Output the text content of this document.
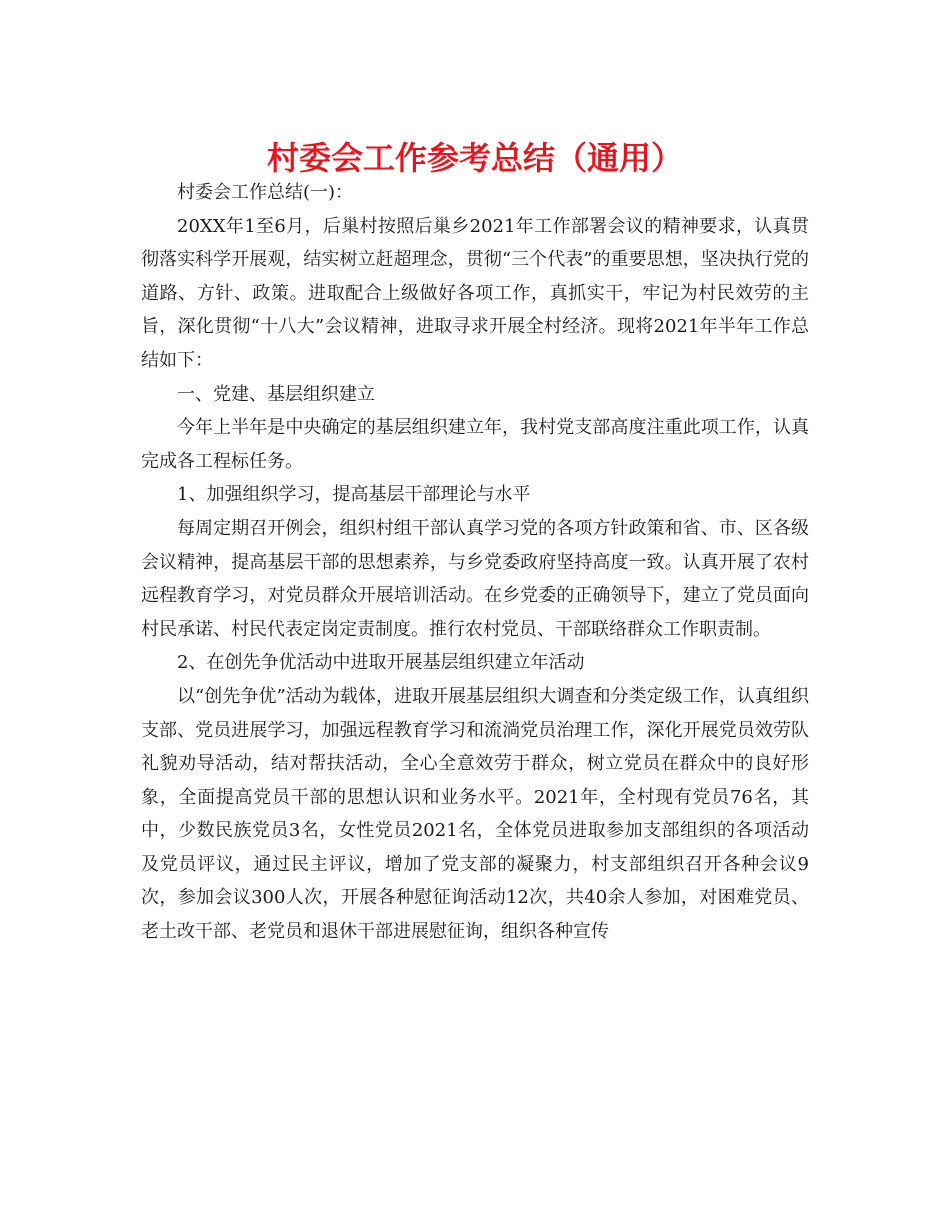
村委会工作参考总结（通用）

村委会工作总结(一)：

20XX年1至6月，后巢村按照后巢乡2021年工作部署会议的精神要求，认真贯彻落实科学开展观，结实树立赶超理念，贯彻“三个代表”的重要思想，坚决执行党的道路、方针、政策。进取配合上级做好各项工作，真抓实干，牢记为村民效劳的主旨，深化贯彻“十八大”会议精神，进取寻求开展全村经济。现将2021年半年工作总结如下：

一、党建、基层组织建立

今年上半年是中央确定的基层组织建立年，我村党支部高度注重此项工作，认真完成各工程标任务。

1、加强组织学习，提高基层干部理论与水平

每周定期召开例会，组织村组干部认真学习党的各项方针政策和省、市、区各级会议精神，提高基层干部的思想素养，与乡党委政府坚持高度一致。认真开展了农村远程教育学习，对党员群众开展培训活动。在乡党委的正确领导下，建立了党员面向村民承诺、村民代表定岗定责制度。推行农村党员、干部联络群众工作职责制。

2、在创先争优活动中进取开展基层组织建立年活动

以“创先争优”活动为载体，进取开展基层组织大调查和分类定级工作，认真组织支部、党员进展学习，加强远程教育学习和流淌党员治理工作，深化开展党员效劳队礼貌劝导活动，结对帮扶活动，全心全意效劳于群众，树立党员在群众中的良好形象，全面提高党员干部的思想认识和业务水平。2021年，全村现有党员76名，其中，少数民族党员3名，女性党员2021名，全体党员进取参加支部组织的各项活动及党员评议，通过民主评议，增加了党支部的凝聚力，村支部组织召开各种会议9次，参加会议300人次，开展各种慰征询活动12次，共40余人参加，对困难党员、老土改干部、老党员和退休干部进展慰征询，组织各种宣传
